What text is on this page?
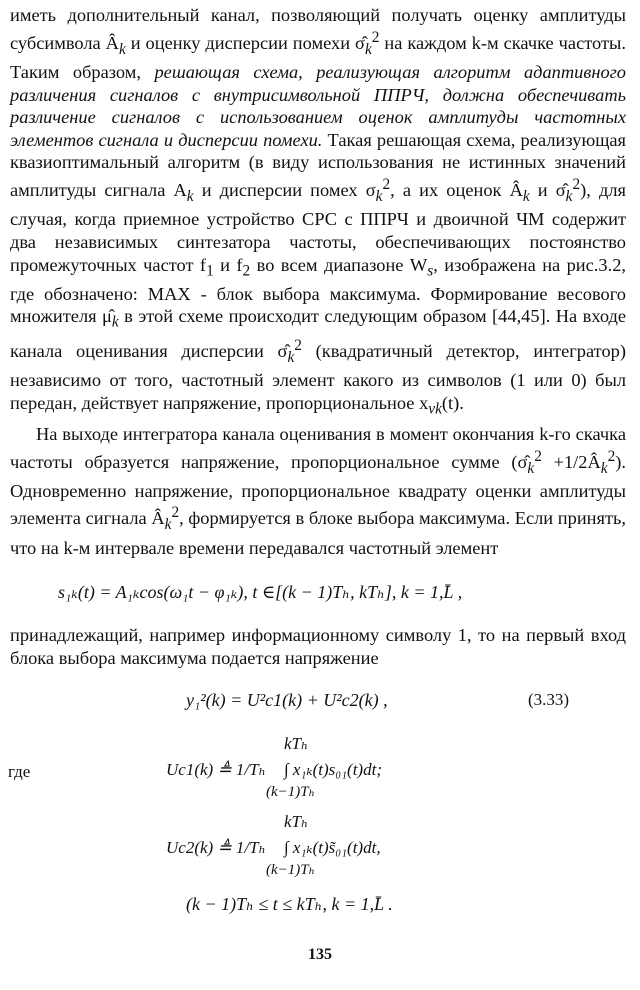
иметь дополнительный канал, позволяющий получать оценку амплитуды субсимвола $Â_k$ и оценку дисперсии помехи $\sigmâ_k^2$ на каждом k-м скачке частоты. Таким образом, решающая схема, реализующая алгоритм адаптивного различения сигналов с внутрисимвольной ППРЧ, должна обеспечивать различение сигналов с использованием оценок амплитуды частотных элементов сигнала и дисперсии помехи. Такая решающая схема, реализующая квазиоптимальный алгоритм (в виду использования не истинных значений амплитуды сигнала $A_k$ и дисперсии помех $\sigma_k^2$, а их оценок $Â_k$ и $\sigmâ_k^2$), для случая, когда приемное устройство СРС с ППРЧ и двоичной ЧМ содержит два независимых синтезатора частоты, обеспечивающих постоянство промежуточных частот $f_1$ и $f_2$ во всем диапазоне $W_s$, изображена на рис.3.2, где обозначено: MAX - блок выбора максимума. Формирование весового множителя $\mû_k$ в этой схеме происходит следующим образом [44,45]. На входе канала оценивания дисперсии $\sigmâ_k^2$ (квадратичный детектор, интегратор) независимо от того, частотный элемент какого из символов (1 или 0) был передан, действует напряжение, пропорциональное $x_{\nu k}(t)$.

На выходе интегратора канала оценивания в момент окончания k-го скачка частоты образуется напряжение, пропорциональное сумме ($\sigmâ_k^2$ $+1/2Â_k^2$). Одновременно напряжение, пропорциональное квадрату оценки амплитуды элемента сигнала $Â_k^2$, формируется в блоке выбора максимума. Если принять, что на k-м интервале времени передавался частотный элемент

s₁ₖ(t) = A₁ₖcos(ω₁t − φ₁ₖ), t ∈[(k − 1)Tₕ, kTₕ], k = 1,L̄ ,
принадлежащий, например информационному символу 1, то на первый вход блока выбора максимума подается напряжение
y₁²(k) = U²c1(k) + U²c2(k) ,	(3.33)
где
kTₕ
Uc1(k) ≜ 1/Tₕ ∫ x₁ₖ(t)s₀₁(t)dt;
(k−1)Tₕ
kTₕ
Uc2(k) ≜ 1/Tₕ ∫ x₁ₖ(t)s̃₀₁(t)dt,
(k−1)Tₕ
(k − 1)Tₕ ≤ t ≤ kTₕ, k = 1,L̄ .
135
